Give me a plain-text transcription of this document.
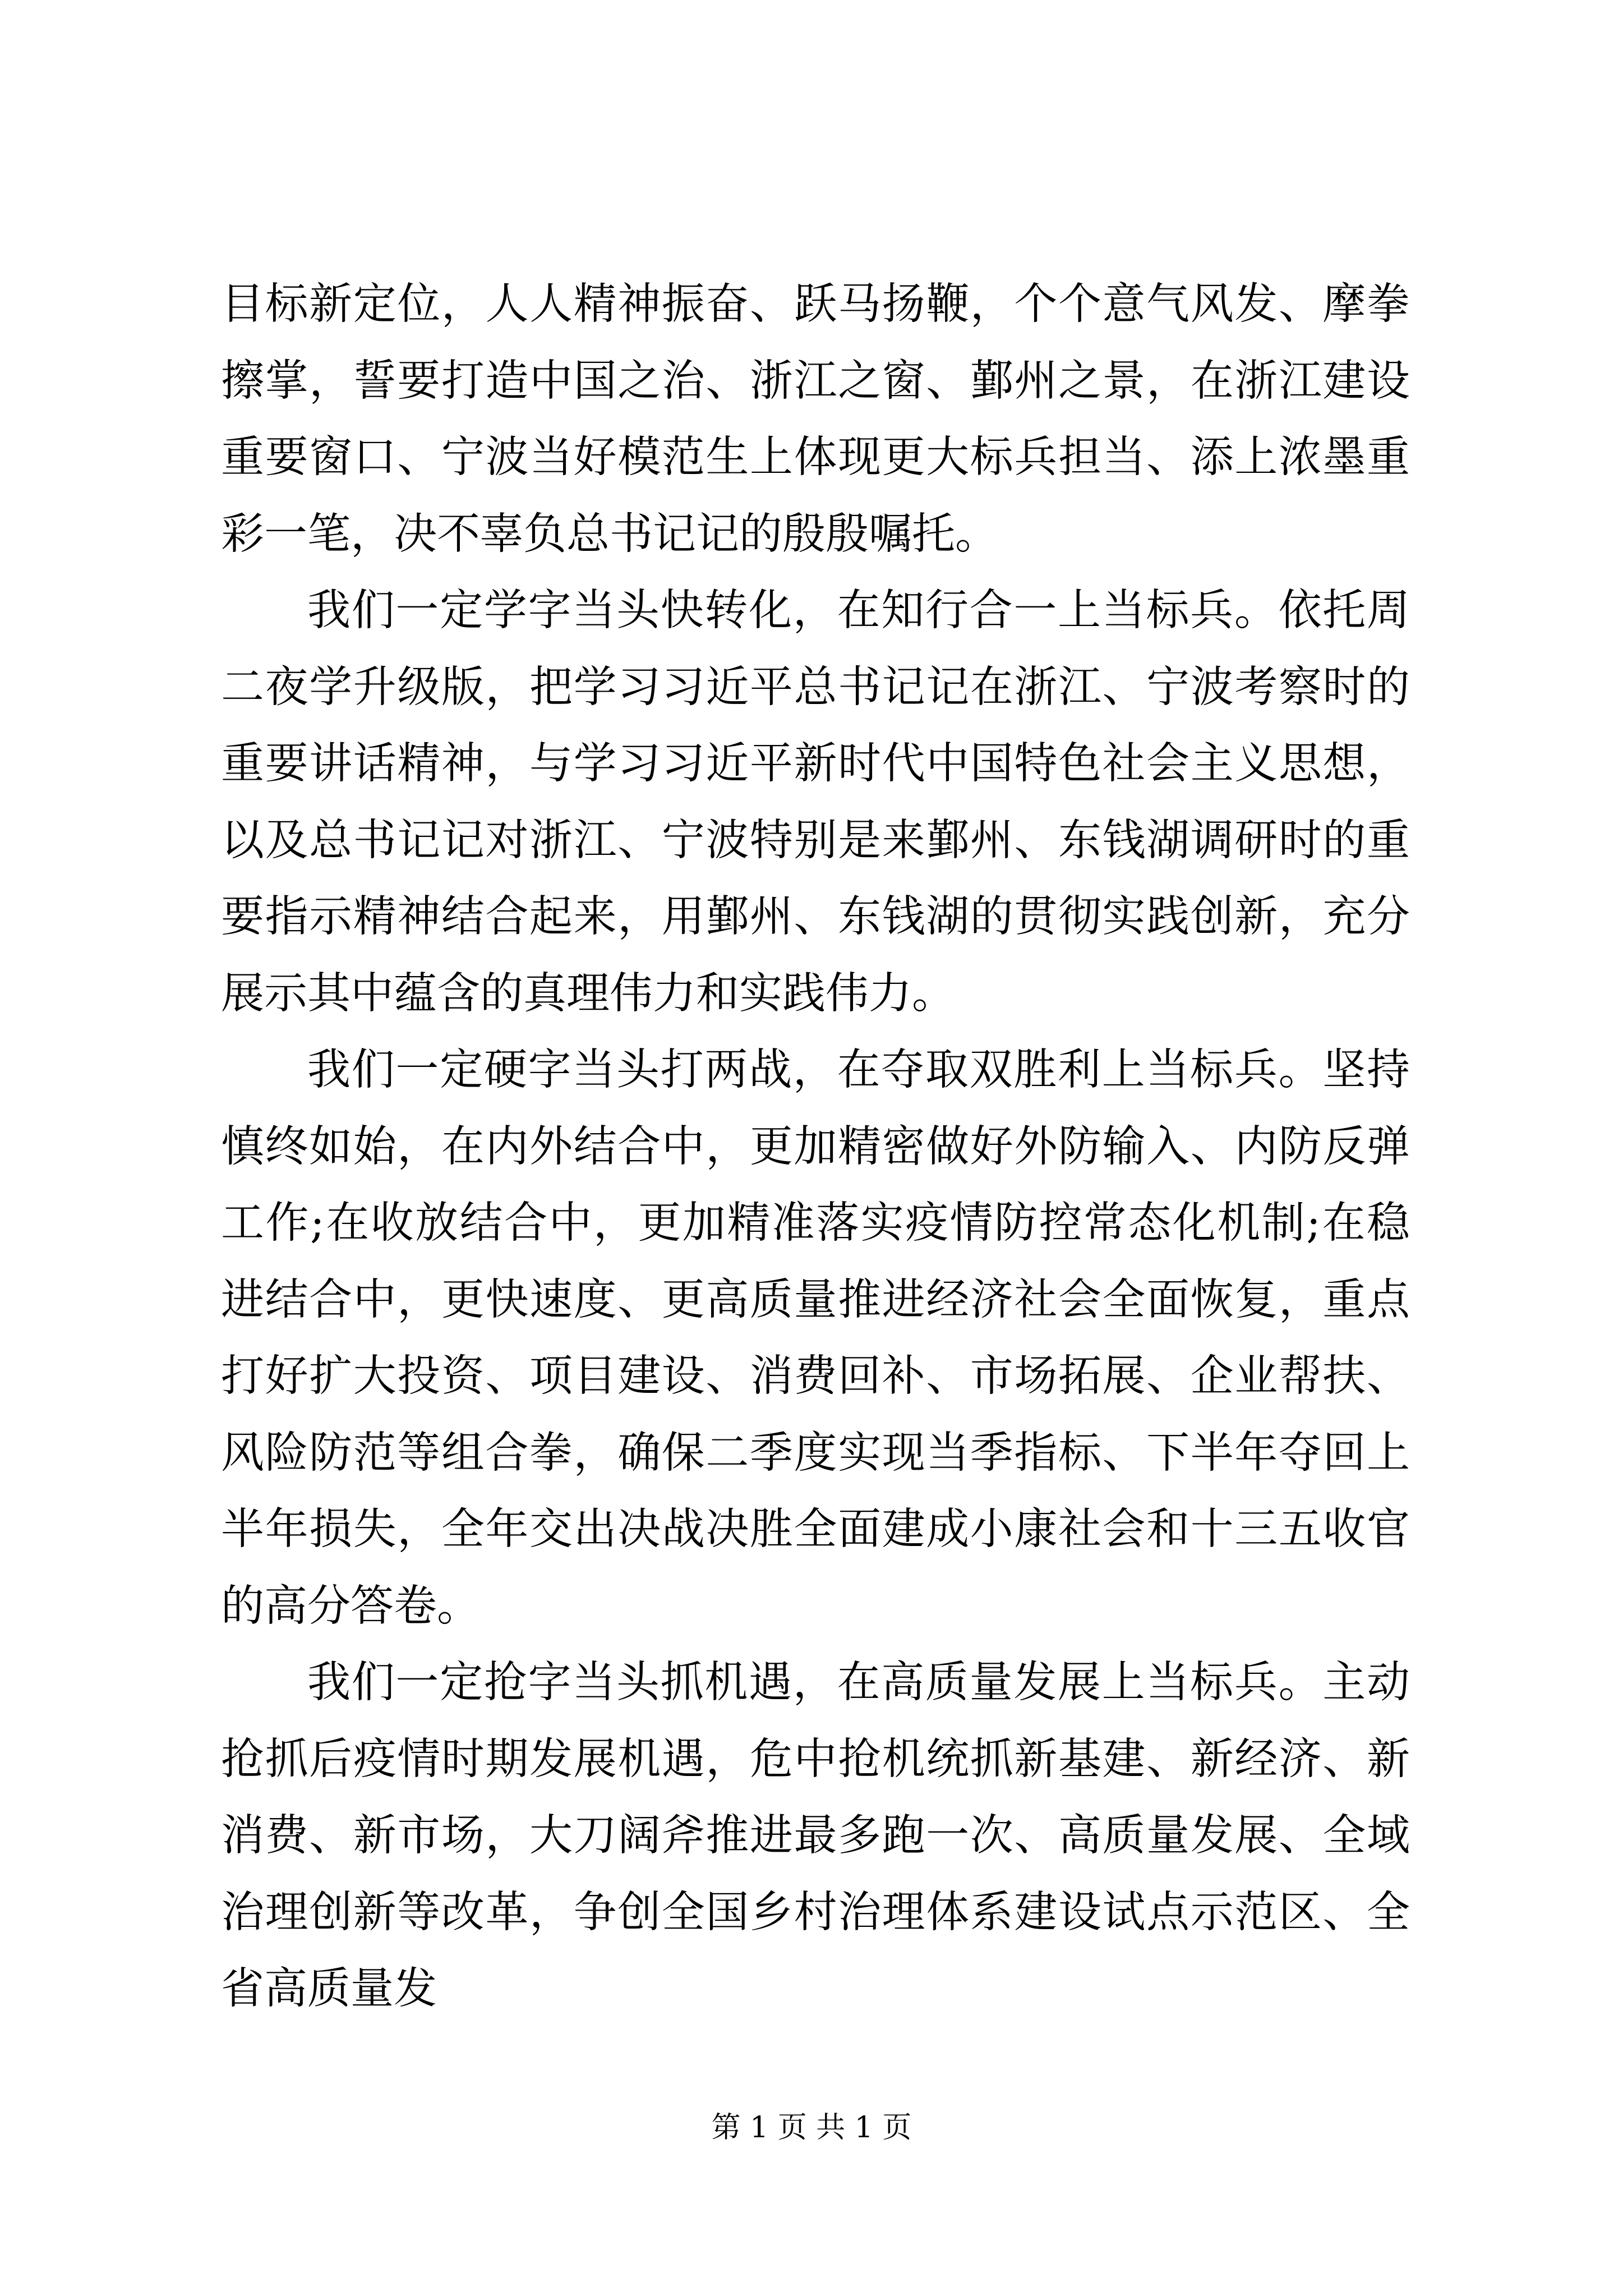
目标新定位，人人精神振奋、跃马扬鞭，个个意气风发、摩拳擦掌，誓要打造中国之治、浙江之窗、鄞州之景，在浙江建设重要窗口、宁波当好模范生上体现更大标兵担当、添上浓墨重彩一笔，决不辜负总书记记的殷殷嘱托。

我们一定学字当头快转化，在知行合一上当标兵。依托周二夜学升级版，把学习习近平总书记记在浙江、宁波考察时的重要讲话精神，与学习习近平新时代中国特色社会主义思想，以及总书记记对浙江、宁波特别是来鄞州、东钱湖调研时的重要指示精神结合起来，用鄞州、东钱湖的贯彻实践创新，充分展示其中蕴含的真理伟力和实践伟力。

我们一定硬字当头打两战，在夺取双胜利上当标兵。坚持慎终如始，在内外结合中，更加精密做好外防输入、内防反弹工作;在收放结合中，更加精准落实疫情防控常态化机制;在稳进结合中，更快速度、更高质量推进经济社会全面恢复，重点打好扩大投资、项目建设、消费回补、市场拓展、企业帮扶、风险防范等组合拳，确保二季度实现当季指标、下半年夺回上半年损失，全年交出决战决胜全面建成小康社会和十三五收官的高分答卷。

我们一定抢字当头抓机遇，在高质量发展上当标兵。主动抢抓后疫情时期发展机遇，危中抢机统抓新基建、新经济、新消费、新市场，大刀阔斧推进最多跑一次、高质量发展、全域治理创新等改革，争创全国乡村治理体系建设试点示范区、全省高质量发

第 1 页 共 1 页
